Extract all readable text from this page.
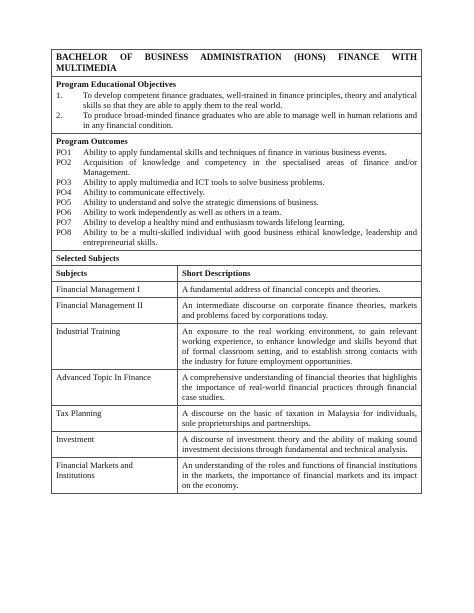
BACHELOR OF BUSINESS ADMINISTRATION (HONS) FINANCE WITH MULTIMEDIA
Program Educational Objectives
1.	To develop competent finance graduates, well-trained in finance principles, theory and analytical skills so that they are able to apply them to the real world.
2.	To produce broad-minded finance graduates who are able to manage well in human relations and in any financial condition.
Program Outcomes
PO1	Ability to apply fundamental skills and techniques of finance in various business events.
PO2	Acquisition of knowledge and competency in the specialised areas of finance and/or Management.
PO3	Ability to apply multimedia and ICT tools to solve business problems.
PO4	Ability to communicate effectively.
PO5	Ability to understand and solve the strategic dimensions of business.
PO6	Ability to work independently as well as others in a team.
PO7	Ability to develop a healthy mind and enthusiasm towards lifelong learning.
PO8	Ability to be a multi-skilled individual with good business ethical knowledge, leadership and entrepreneurial skills.
Selected Subjects
Subjects	Short Descriptions
Financial Management I	A fundamental address of financial concepts and theories.
Financial Management II	An intermediate discourse on corporate finance theories, markets and problems faced by corporations today.
Industrial Training	An exposure to the real working environment, to gain relevant working experience, to enhance knowledge and skills beyond that of formal classroom setting, and to establish strong contacts with the industry for future employment opportunities.
Advanced Topic In Finance	A comprehensive understanding of financial theories that highlights the importance of real-world financial practices through financial case studies.
Tax Planning	A discourse on the basic of taxation in Malaysia for individuals, sole proprietorships and partnerships.
Investment	A discourse of investment theory and the ability of making sound investment decisions through fundamental and technical analysis.
Financial Markets and Institutions	An understanding of the roles and functions of financial institutions in the markets, the importance of financial markets and its impact on the economy.
